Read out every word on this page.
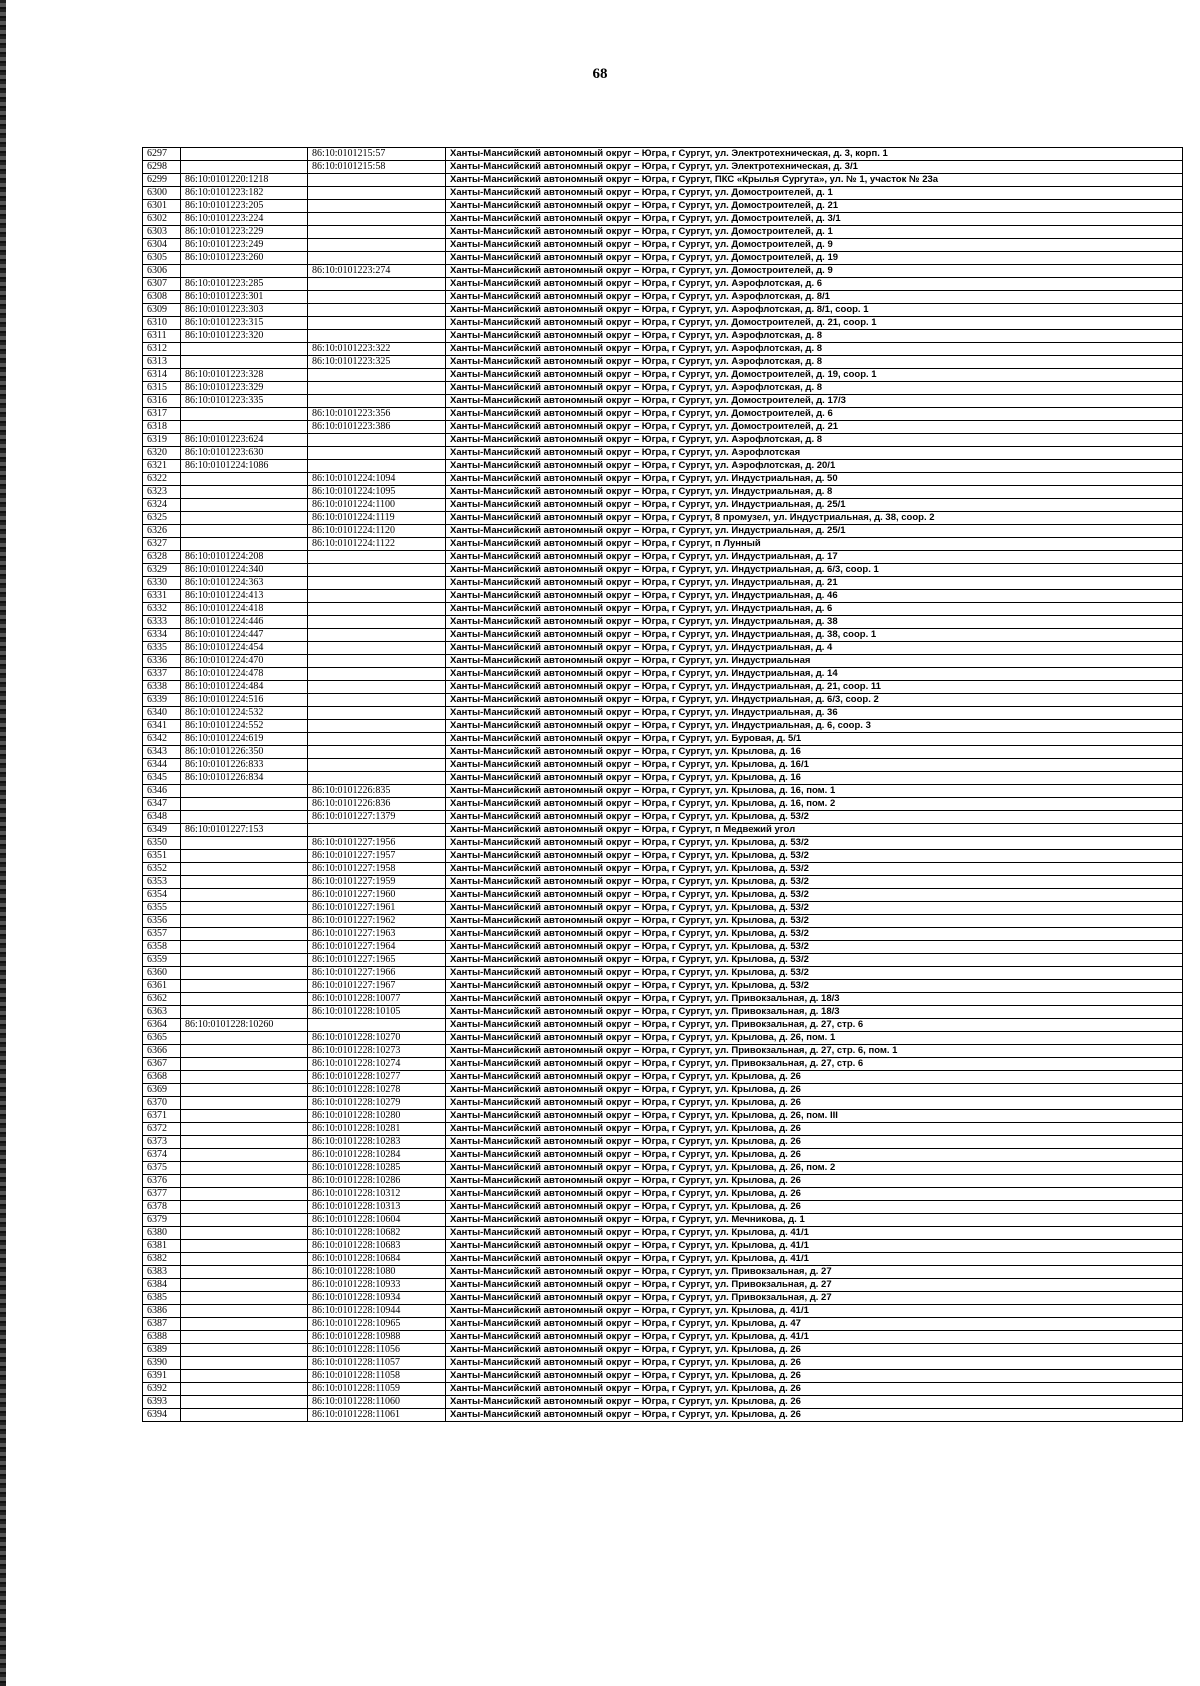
68
6297		86:10:0101215:57	Ханты-Мансийский автономный округ – Югра, г Сургут, ул. Электротехническая, д. 3, корп. 1
6298		86:10:0101215:58	Ханты-Мансийский автономный округ – Югра, г Сургут, ул. Электротехническая, д. 3/1
6299	86:10:0101220:1218		Ханты-Мансийский автономный округ – Югра, г Сургут, ПКС «Крылья Сургута», ул. № 1, участок № 23а
6300	86:10:0101223:182		Ханты-Мансийский автономный округ – Югра, г Сургут, ул. Домостроителей, д. 1
6301	86:10:0101223:205		Ханты-Мансийский автономный округ – Югра, г Сургут, ул. Домостроителей, д. 21
6302	86:10:0101223:224		Ханты-Мансийский автономный округ – Югра, г Сургут, ул. Домостроителей, д. 3/1
6303	86:10:0101223:229		Ханты-Мансийский автономный округ – Югра, г Сургут, ул. Домостроителей, д. 1
6304	86:10:0101223:249		Ханты-Мансийский автономный округ – Югра, г Сургут, ул. Домостроителей, д. 9
6305	86:10:0101223:260		Ханты-Мансийский автономный округ – Югра, г Сургут, ул. Домостроителей, д. 19
6306		86:10:0101223:274	Ханты-Мансийский автономный округ – Югра, г Сургут, ул. Домостроителей, д. 9
6307	86:10:0101223:285		Ханты-Мансийский автономный округ – Югра, г Сургут, ул. Аэрофлотская, д. 6
6308	86:10:0101223:301		Ханты-Мансийский автономный округ – Югра, г Сургут, ул. Аэрофлотская, д. 8/1
6309	86:10:0101223:303		Ханты-Мансийский автономный округ – Югра, г Сургут, ул. Аэрофлотская, д. 8/1, соор. 1
6310	86:10:0101223:315		Ханты-Мансийский автономный округ – Югра, г Сургут, ул. Домостроителей, д. 21, соор. 1
6311	86:10:0101223:320		Ханты-Мансийский автономный округ – Югра, г Сургут, ул. Аэрофлотская, д. 8
6312		86:10:0101223:322	Ханты-Мансийский автономный округ – Югра, г Сургут, ул. Аэрофлотская, д. 8
6313		86:10:0101223:325	Ханты-Мансийский автономный округ – Югра, г Сургут, ул. Аэрофлотская, д. 8
6314	86:10:0101223:328		Ханты-Мансийский автономный округ – Югра, г Сургут, ул. Домостроителей, д. 19, соор. 1
6315	86:10:0101223:329		Ханты-Мансийский автономный округ – Югра, г Сургут, ул. Аэрофлотская, д. 8
6316	86:10:0101223:335		Ханты-Мансийский автономный округ – Югра, г Сургут, ул. Домостроителей, д. 17/3
6317		86:10:0101223:356	Ханты-Мансийский автономный округ – Югра, г Сургут, ул. Домостроителей, д. 6
6318		86:10:0101223:386	Ханты-Мансийский автономный округ – Югра, г Сургут, ул. Домостроителей, д. 21
6319	86:10:0101223:624		Ханты-Мансийский автономный округ – Югра, г Сургут, ул. Аэрофлотская, д. 8
6320	86:10:0101223:630		Ханты-Мансийский автономный округ – Югра, г Сургут, ул. Аэрофлотская
6321	86:10:0101224:1086		Ханты-Мансийский автономный округ – Югра, г Сургут, ул. Аэрофлотская, д. 20/1
6322		86:10:0101224:1094	Ханты-Мансийский автономный округ – Югра, г Сургут, ул. Индустриальная, д. 50
6323		86:10:0101224:1095	Ханты-Мансийский автономный округ – Югра, г Сургут, ул. Индустриальная, д. 8
6324		86:10:0101224:1100	Ханты-Мансийский автономный округ – Югра, г Сургут, ул. Индустриальная, д. 25/1
6325		86:10:0101224:1119	Ханты-Мансийский автономный округ – Югра, г Сургут, 8 промузел, ул. Индустриальная, д. 38, соор. 2
6326		86:10:0101224:1120	Ханты-Мансийский автономный округ – Югра, г Сургут, ул. Индустриальная, д. 25/1
6327		86:10:0101224:1122	Ханты-Мансийский автономный округ – Югра, г Сургут, п Лунный
6328	86:10:0101224:208		Ханты-Мансийский автономный округ – Югра, г Сургут, ул. Индустриальная, д. 17
6329	86:10:0101224:340		Ханты-Мансийский автономный округ – Югра, г Сургут, ул. Индустриальная, д. 6/3, соор. 1
6330	86:10:0101224:363		Ханты-Мансийский автономный округ – Югра, г Сургут, ул. Индустриальная, д. 21
6331	86:10:0101224:413		Ханты-Мансийский автономный округ – Югра, г Сургут, ул. Индустриальная, д. 46
6332	86:10:0101224:418		Ханты-Мансийский автономный округ – Югра, г Сургут, ул. Индустриальная, д. 6
6333	86:10:0101224:446		Ханты-Мансийский автономный округ – Югра, г Сургут, ул. Индустриальная, д. 38
6334	86:10:0101224:447		Ханты-Мансийский автономный округ – Югра, г Сургут, ул. Индустриальная, д. 38, соор. 1
6335	86:10:0101224:454		Ханты-Мансийский автономный округ – Югра, г Сургут, ул. Индустриальная, д. 4
6336	86:10:0101224:470		Ханты-Мансийский автономный округ – Югра, г Сургут, ул. Индустриальная
6337	86:10:0101224:478		Ханты-Мансийский автономный округ – Югра, г Сургут, ул. Индустриальная, д. 14
6338	86:10:0101224:484		Ханты-Мансийский автономный округ – Югра, г Сургут, ул. Индустриальная, д. 21, соор. 11
6339	86:10:0101224:516		Ханты-Мансийский автономный округ – Югра, г Сургут, ул. Индустриальная, д. 6/3, соор. 2
6340	86:10:0101224:532		Ханты-Мансийский автономный округ – Югра, г Сургут, ул. Индустриальная, д. 36
6341	86:10:0101224:552		Ханты-Мансийский автономный округ – Югра, г Сургут, ул. Индустриальная, д. 6, соор. 3
6342	86:10:0101224:619		Ханты-Мансийский автономный округ – Югра, г Сургут, ул. Буровая, д. 5/1
6343	86:10:0101226:350		Ханты-Мансийский автономный округ – Югра, г Сургут, ул. Крылова, д. 16
6344	86:10:0101226:833		Ханты-Мансийский автономный округ – Югра, г Сургут, ул. Крылова, д. 16/1
6345	86:10:0101226:834		Ханты-Мансийский автономный округ – Югра, г Сургут, ул. Крылова, д. 16
6346		86:10:0101226:835	Ханты-Мансийский автономный округ – Югра, г Сургут, ул. Крылова, д. 16, пом. 1
6347		86:10:0101226:836	Ханты-Мансийский автономный округ – Югра, г Сургут, ул. Крылова, д. 16, пом. 2
6348		86:10:0101227:1379	Ханты-Мансийский автономный округ – Югра, г Сургут, ул. Крылова, д. 53/2
6349	86:10:0101227:153		Ханты-Мансийский автономный округ – Югра, г Сургут, п Медвежий угол
6350		86:10:0101227:1956	Ханты-Мансийский автономный округ – Югра, г Сургут, ул. Крылова, д. 53/2
6351		86:10:0101227:1957	Ханты-Мансийский автономный округ – Югра, г Сургут, ул. Крылова, д. 53/2
6352		86:10:0101227:1958	Ханты-Мансийский автономный округ – Югра, г Сургут, ул. Крылова, д. 53/2
6353		86:10:0101227:1959	Ханты-Мансийский автономный округ – Югра, г Сургут, ул. Крылова, д. 53/2
6354		86:10:0101227:1960	Ханты-Мансийский автономный округ – Югра, г Сургут, ул. Крылова, д. 53/2
6355		86:10:0101227:1961	Ханты-Мансийский автономный округ – Югра, г Сургут, ул. Крылова, д. 53/2
6356		86:10:0101227:1962	Ханты-Мансийский автономный округ – Югра, г Сургут, ул. Крылова, д. 53/2
6357		86:10:0101227:1963	Ханты-Мансийский автономный округ – Югра, г Сургут, ул. Крылова, д. 53/2
6358		86:10:0101227:1964	Ханты-Мансийский автономный округ – Югра, г Сургут, ул. Крылова, д. 53/2
6359		86:10:0101227:1965	Ханты-Мансийский автономный округ – Югра, г Сургут, ул. Крылова, д. 53/2
6360		86:10:0101227:1966	Ханты-Мансийский автономный округ – Югра, г Сургут, ул. Крылова, д. 53/2
6361		86:10:0101227:1967	Ханты-Мансийский автономный округ – Югра, г Сургут, ул. Крылова, д. 53/2
6362		86:10:0101228:10077	Ханты-Мансийский автономный округ – Югра, г Сургут, ул. Привокзальная, д. 18/3
6363		86:10:0101228:10105	Ханты-Мансийский автономный округ – Югра, г Сургут, ул. Привокзальная, д. 18/3
6364	86:10:0101228:10260		Ханты-Мансийский автономный округ – Югра, г Сургут, ул. Привокзальная, д. 27, стр. 6
6365		86:10:0101228:10270	Ханты-Мансийский автономный округ – Югра, г Сургут, ул. Крылова, д. 26, пом. 1
6366		86:10:0101228:10273	Ханты-Мансийский автономный округ – Югра, г Сургут, ул. Привокзальная, д. 27, стр. 6, пом. 1
6367		86:10:0101228:10274	Ханты-Мансийский автономный округ – Югра, г Сургут, ул. Привокзальная, д. 27, стр. 6
6368		86:10:0101228:10277	Ханты-Мансийский автономный округ – Югра, г Сургут, ул. Крылова, д. 26
6369		86:10:0101228:10278	Ханты-Мансийский автономный округ – Югра, г Сургут, ул. Крылова, д. 26
6370		86:10:0101228:10279	Ханты-Мансийский автономный округ – Югра, г Сургут, ул. Крылова, д. 26
6371		86:10:0101228:10280	Ханты-Мансийский автономный округ – Югра, г Сургут, ул. Крылова, д. 26, пом. III
6372		86:10:0101228:10281	Ханты-Мансийский автономный округ – Югра, г Сургут, ул. Крылова, д. 26
6373		86:10:0101228:10283	Ханты-Мансийский автономный округ – Югра, г Сургут, ул. Крылова, д. 26
6374		86:10:0101228:10284	Ханты-Мансийский автономный округ – Югра, г Сургут, ул. Крылова, д. 26
6375		86:10:0101228:10285	Ханты-Мансийский автономный округ – Югра, г Сургут, ул. Крылова, д. 26, пом. 2
6376		86:10:0101228:10286	Ханты-Мансийский автономный округ – Югра, г Сургут, ул. Крылова, д. 26
6377		86:10:0101228:10312	Ханты-Мансийский автономный округ – Югра, г Сургут, ул. Крылова, д. 26
6378		86:10:0101228:10313	Ханты-Мансийский автономный округ – Югра, г Сургут, ул. Крылова, д. 26
6379		86:10:0101228:10604	Ханты-Мансийский автономный округ – Югра, г Сургут, ул. Мечникова, д. 1
6380		86:10:0101228:10682	Ханты-Мансийский автономный округ – Югра, г Сургут, ул. Крылова, д. 41/1
6381		86:10:0101228:10683	Ханты-Мансийский автономный округ – Югра, г Сургут, ул. Крылова, д. 41/1
6382		86:10:0101228:10684	Ханты-Мансийский автономный округ – Югра, г Сургут, ул. Крылова, д. 41/1
6383		86:10:0101228:1080	Ханты-Мансийский автономный округ – Югра, г Сургут, ул. Привокзальная, д. 27
6384		86:10:0101228:10933	Ханты-Мансийский автономный округ – Югра, г Сургут, ул. Привокзальная, д. 27
6385		86:10:0101228:10934	Ханты-Мансийский автономный округ – Югра, г Сургут, ул. Привокзальная, д. 27
6386		86:10:0101228:10944	Ханты-Мансийский автономный округ – Югра, г Сургут, ул. Крылова, д. 41/1
6387		86:10:0101228:10965	Ханты-Мансийский автономный округ – Югра, г Сургут, ул. Крылова, д. 47
6388		86:10:0101228:10988	Ханты-Мансийский автономный округ – Югра, г Сургут, ул. Крылова, д. 41/1
6389		86:10:0101228:11056	Ханты-Мансийский автономный округ – Югра, г Сургут, ул. Крылова, д. 26
6390		86:10:0101228:11057	Ханты-Мансийский автономный округ – Югра, г Сургут, ул. Крылова, д. 26
6391		86:10:0101228:11058	Ханты-Мансийский автономный округ – Югра, г Сургут, ул. Крылова, д. 26
6392		86:10:0101228:11059	Ханты-Мансийский автономный округ – Югра, г Сургут, ул. Крылова, д. 26
6393		86:10:0101228:11060	Ханты-Мансийский автономный округ – Югра, г Сургут, ул. Крылова, д. 26
6394		86:10:0101228:11061	Ханты-Мансийский автономный округ – Югра, г Сургут, ул. Крылова, д. 26
